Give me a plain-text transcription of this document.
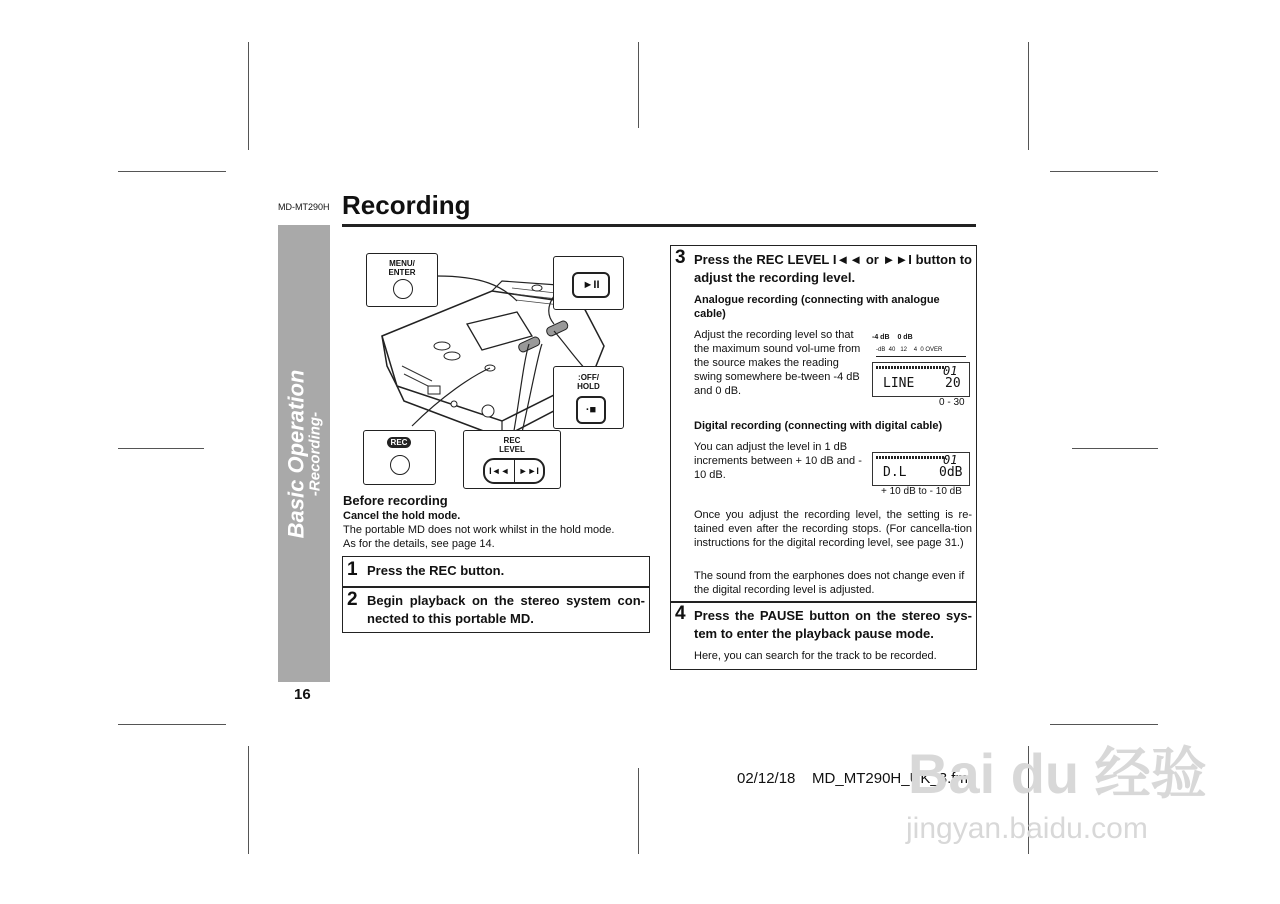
MD-MT290H Recording
Basic Operation
-Recording-
16
MENU/
ENTER
►II
:OFF/
HOLD
·■
REC	REC
LEVEL
I◄◄	►►I
Before recording
Cancel the hold mode.
The portable MD does not work whilst in the hold mode.
As for the details, see page 14.
1 Press the REC button.
2 Begin playback on the stereo system con-nected to this portable MD.
3 Press the REC LEVEL I◄◄ or ►►I button to
adjust the recording level.
Analogue recording (connecting with analogue cable)
Adjust the recording level so that the maximum sound vol-ume from the source makes the reading swing somewhere be-tween -4 dB and 0 dB.
-4 dB 0 dB
-dB  40   12    4  0 OVER
LINE
01
20
0 - 30
Digital recording (connecting with digital cable)
You can adjust the level in 1 dB increments between + 10 dB and - 10 dB.	D.L
01
0dB
+ 10 dB to - 10 dB
Once you adjust the recording level, the setting is re-tained even after the recording stops. (For cancella-tion instructions for the digital recording level, see page 31.)
The sound from the earphones does not change even if the digital recording level is adjusted.
4 Press the PAUSE button on the stereo sys-tem to enter the playback pause mode.
Here, you can search for the track to be recorded.
02/12/18    MD_MT290H_UK_3.fm
Bai du 经验
jingyan.baidu.com
